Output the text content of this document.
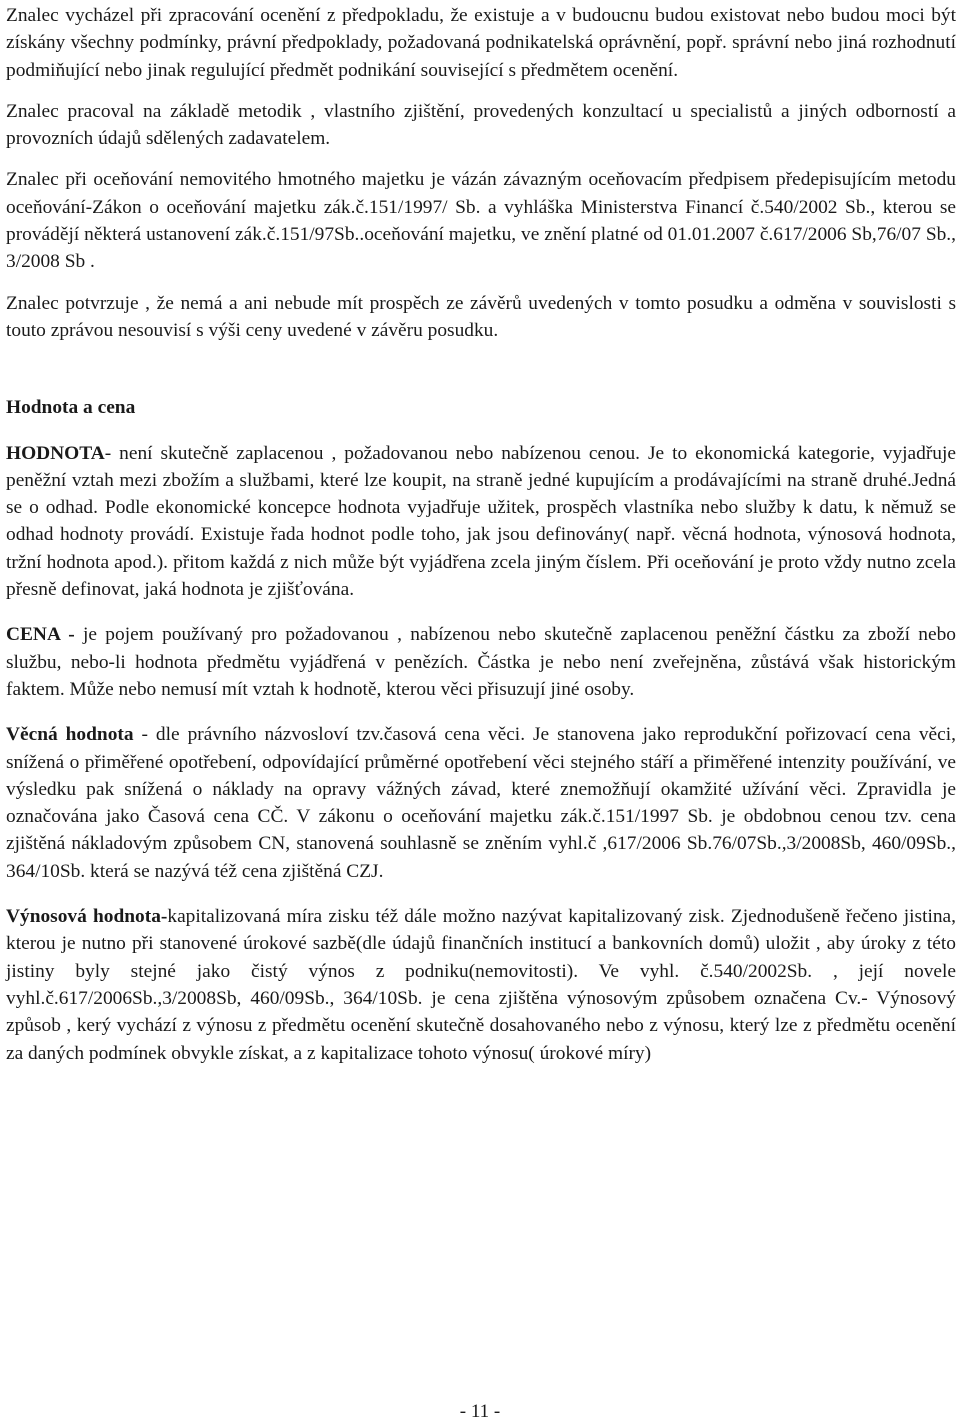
Znalec vycházel při zpracování ocenění z předpokladu, že existuje a v budoucnu budou existovat nebo budou moci být získány všechny podmínky, právní předpoklady, požadovaná podnikatelská oprávnění, popř. správní nebo jiná rozhodnutí podmiňující nebo jinak regulující předmět podnikání související s předmětem ocenění.

Znalec pracoval na základě metodik , vlastního zjištění, provedených konzultací u specialistů a jiných odborností a provozních údajů sdělených zadavatelem.

Znalec při oceňování nemovitého hmotného majetku je vázán závazným oceňovacím předpisem předepisujícím metodu oceňování-Zákon o oceňování majetku zák.č.151/1997/ Sb. a vyhláška Ministerstva Financí č.540/2002 Sb., kterou se provádějí některá ustanovení zák.č.151/97Sb..oceňování majetku, ve znění platné od 01.01.2007 č.617/2006 Sb,76/07 Sb., 3/2008 Sb .

Znalec potvrzuje , že nemá a ani nebude mít prospěch ze závěrů uvedených v tomto posudku a odměna v souvislosti s touto zprávou nesouvisí s výši ceny uvedené v závěru posudku.

Hodnota a cena

HODNOTA- není skutečně zaplacenou , požadovanou nebo nabízenou cenou. Je to ekonomická kategorie, vyjadřuje peněžní vztah mezi zbožím a službami, které lze koupit, na straně jedné kupujícím a prodávajícími na straně druhé.Jedná se o odhad. Podle ekonomické koncepce hodnota vyjadřuje užitek, prospěch vlastníka nebo služby k datu, k němuž se odhad hodnoty provádí. Existuje řada hodnot podle toho, jak jsou definovány( např. věcná hodnota, výnosová hodnota, tržní hodnota apod.). přitom každá z nich může být vyjádřena zcela jiným číslem. Při oceňování je proto vždy nutno zcela přesně definovat, jaká hodnota je zjišťována.

CENA - je pojem používaný pro požadovanou , nabízenou nebo skutečně zaplacenou peněžní částku za zboží nebo službu, nebo-li hodnota předmětu vyjádřená v penězích. Částka je nebo není zveřejněna, zůstává však historickým faktem. Může nebo nemusí mít vztah k hodnotě, kterou věci přisuzují jiné osoby.

Věcná hodnota - dle právního názvosloví tzv.časová cena věci. Je stanovena jako reprodukční pořizovací cena věci, snížená o přiměřené opotřebení, odpovídající průměrné opotřebení věci stejného stáří a přiměřené intenzity používání, ve výsledku pak snížená o náklady na opravy vážných závad, které znemožňují okamžité užívání věci. Zpravidla je označována jako Časová cena CČ. V zákonu o oceňování majetku zák.č.151/1997 Sb. je obdobnou cenou tzv. cena zjištěná nákladovým způsobem CN, stanovená souhlasně se zněním vyhl.č ,617/2006 Sb.76/07Sb.,3/2008Sb, 460/09Sb., 364/10Sb. která se nazývá též cena zjištěná CZJ.

Výnosová hodnota-kapitalizovaná míra zisku též dále možno nazývat kapitalizovaný zisk. Zjednodušeně řečeno jistina, kterou je nutno při stanovené úrokové sazbě(dle údajů finančních institucí a bankovních domů) uložit , aby úroky z této jistiny byly stejné jako čistý výnos z podniku(nemovitosti). Ve vyhl. č.540/2002Sb. , její novele vyhl.č.617/2006Sb.,3/2008Sb, 460/09Sb., 364/10Sb. je cena zjištěna výnosovým způsobem označena Cv.- Výnosový způsob , kerý vychází z výnosu z předmětu ocenění skutečně dosahovaného nebo z výnosu, který lze z předmětu ocenění za daných podmínek obvykle získat, a z kapitalizace tohoto výnosu( úrokové míry)

- 11 -
